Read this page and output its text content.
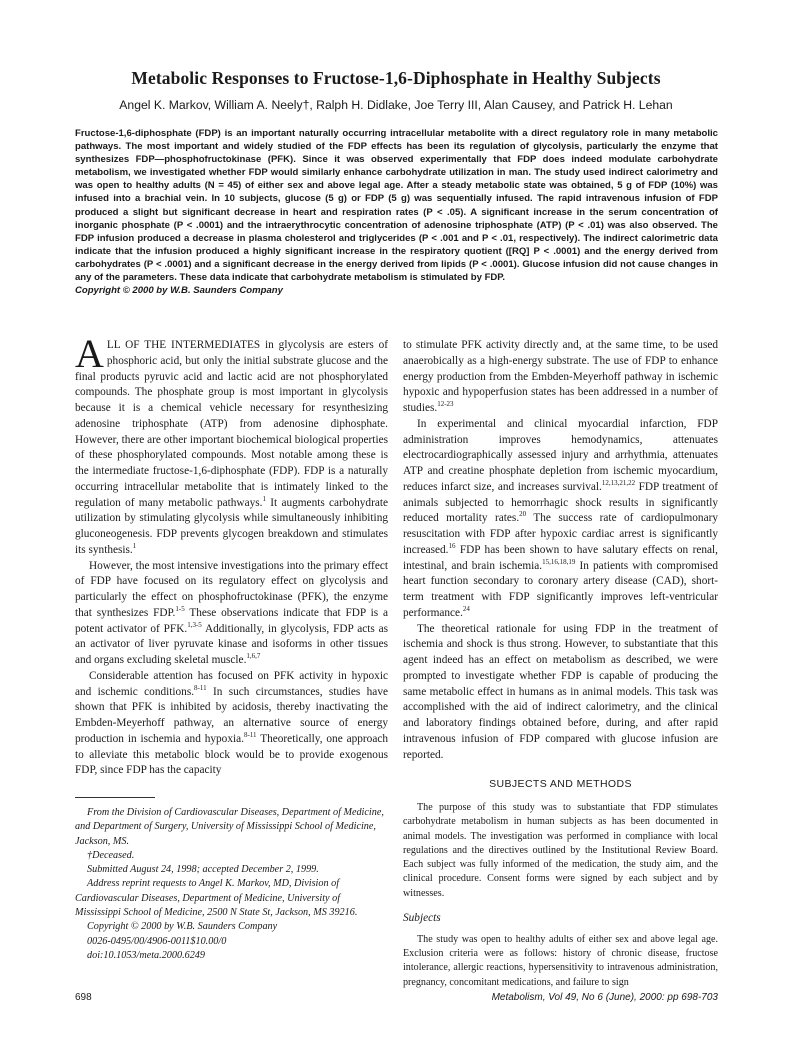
Metabolic Responses to Fructose-1,6-Diphosphate in Healthy Subjects
Angel K. Markov, William A. Neely†, Ralph H. Didlake, Joe Terry III, Alan Causey, and Patrick H. Lehan
Fructose-1,6-diphosphate (FDP) is an important naturally occurring intracellular metabolite with a direct regulatory role in many metabolic pathways. The most important and widely studied of the FDP effects has been its regulation of glycolysis, particularly the enzyme that synthesizes FDP—phosphofructokinase (PFK). Since it was observed experimentally that FDP does indeed modulate carbohydrate metabolism, we investigated whether FDP would similarly enhance carbohydrate utilization in man. The study used indirect calorimetry and was open to healthy adults (N = 45) of either sex and above legal age. After a steady metabolic state was obtained, 5 g of FDP (10%) was infused into a brachial vein. In 10 subjects, glucose (5 g) or FDP (5 g) was sequentially infused. The rapid intravenous infusion of FDP produced a slight but significant decrease in heart and respiration rates (P < .05). A significant increase in the serum concentration of inorganic phosphate (P < .0001) and the intraerythrocytic concentration of adenosine triphosphate (ATP) (P < .01) was also observed. The FDP infusion produced a decrease in plasma cholesterol and triglycerides (P < .001 and P < .01, respectively). The indirect calorimetric data indicate that the infusion produced a highly significant increase in the respiratory quotient ([RQ] P < .0001) and the energy derived from carbohydrates (P < .0001) and a significant decrease in the energy derived from lipids (P < .0001). Glucose infusion did not cause changes in any of the parameters. These data indicate that carbohydrate metabolism is stimulated by FDP.
Copyright © 2000 by W.B. Saunders Company

ALL OF THE INTERMEDIATES in glycolysis are esters of phosphoric acid, but only the initial substrate glucose and the final products pyruvic acid and lactic acid are not phosphorylated compounds. The phosphate group is most important in glycolysis because it is a chemical vehicle necessary for resynthesizing adenosine triphosphate (ATP) from adenosine diphosphate. However, there are other important biochemical biological properties of these phosphorylated compounds. Most notable among these is the intermediate fructose-1,6-diphosphate (FDP). FDP is a naturally occurring intracellular metabolite that is intimately linked to the regulation of many metabolic pathways.$^1$ It augments carbohydrate utilization by stimulating glycolysis while simultaneously inhibiting gluconeogenesis. FDP prevents glycogen breakdown and stimulates its synthesis.$^1$

However, the most intensive investigations into the primary effect of FDP have focused on its regulatory effect on glycolysis and particularly the effect on phosphofructokinase (PFK), the enzyme that synthesizes FDP.$^{1-5}$ These observations indicate that FDP is a potent activator of PFK.$^{1,3-5}$ Additionally, in glycolysis, FDP acts as an activator of liver pyruvate kinase and isoforms in other tissues and organs excluding skeletal muscle.$^{1,6,7}$

Considerable attention has focused on PFK activity in hypoxic and ischemic conditions.$^{8-11}$ In such circumstances, studies have shown that PFK is inhibited by acidosis, thereby inactivating the Embden-Meyerhoff pathway, an alternative source of energy production in ischemia and hypoxia.$^{8-11}$ Theoretically, one approach to alleviate this metabolic block would be to provide exogenous FDP, since FDP has the capacity

From the Division of Cardiovascular Diseases, Department of Medicine, and Department of Surgery, University of Mississippi School of Medicine, Jackson, MS.
†Deceased.
Submitted August 24, 1998; accepted December 2, 1999.
Address reprint requests to Angel K. Markov, MD, Division of Cardiovascular Diseases, Department of Medicine, University of Mississippi School of Medicine, 2500 N State St, Jackson, MS 39216.
Copyright © 2000 by W.B. Saunders Company
0026-0495/00/4906-0011$10.00/0
doi:10.1053/meta.2000.6249

to stimulate PFK activity directly and, at the same time, to be used anaerobically as a high-energy substrate. The use of FDP to enhance energy production from the Embden-Meyerhoff pathway in ischemic hypoxic and hypoperfusion states has been addressed in a number of studies.$^{12-23}$

In experimental and clinical myocardial infarction, FDP administration improves hemodynamics, attenuates electrocardiographically assessed injury and arrhythmia, attenuates ATP and creatine phosphate depletion from ischemic myocardium, reduces infarct size, and increases survival.$^{12,13,21,22}$ FDP treatment of animals subjected to hemorrhagic shock results in significantly reduced mortality rates.$^{20}$ The success rate of cardiopulmonary resuscitation with FDP after hypoxic cardiac arrest is significantly increased.$^{16}$ FDP has been shown to have salutary effects on renal, intestinal, and brain ischemia.$^{15,16,18,19}$ In patients with compromised heart function secondary to coronary artery disease (CAD), short-term treatment with FDP significantly improves left-ventricular performance.$^{24}$

The theoretical rationale for using FDP in the treatment of ischemia and shock is thus strong. However, to substantiate that this agent indeed has an effect on metabolism as described, we were prompted to investigate whether FDP is capable of producing the same metabolic effect in humans as in animal models. This task was accomplished with the aid of indirect calorimetry, and the clinical and laboratory findings obtained before, during, and after rapid intravenous infusion of FDP compared with glucose infusion are reported.

SUBJECTS AND METHODS

The purpose of this study was to substantiate that FDP stimulates carbohydrate metabolism in human subjects as has been documented in animal models. The investigation was performed in compliance with local regulations and the directives outlined by the Institutional Review Board. Each subject was fully informed of the medication, the study aim, and the clinical procedure. Consent forms were signed by each subject and by witnesses.

Subjects

The study was open to healthy adults of either sex and above legal age. Exclusion criteria were as follows: history of chronic disease, fructose intolerance, allergic reactions, hypersensitivity to intravenous administration, pregnancy, concomitant medications, and failure to sign

698	Metabolism, Vol 49, No 6 (June), 2000: pp 698-703
